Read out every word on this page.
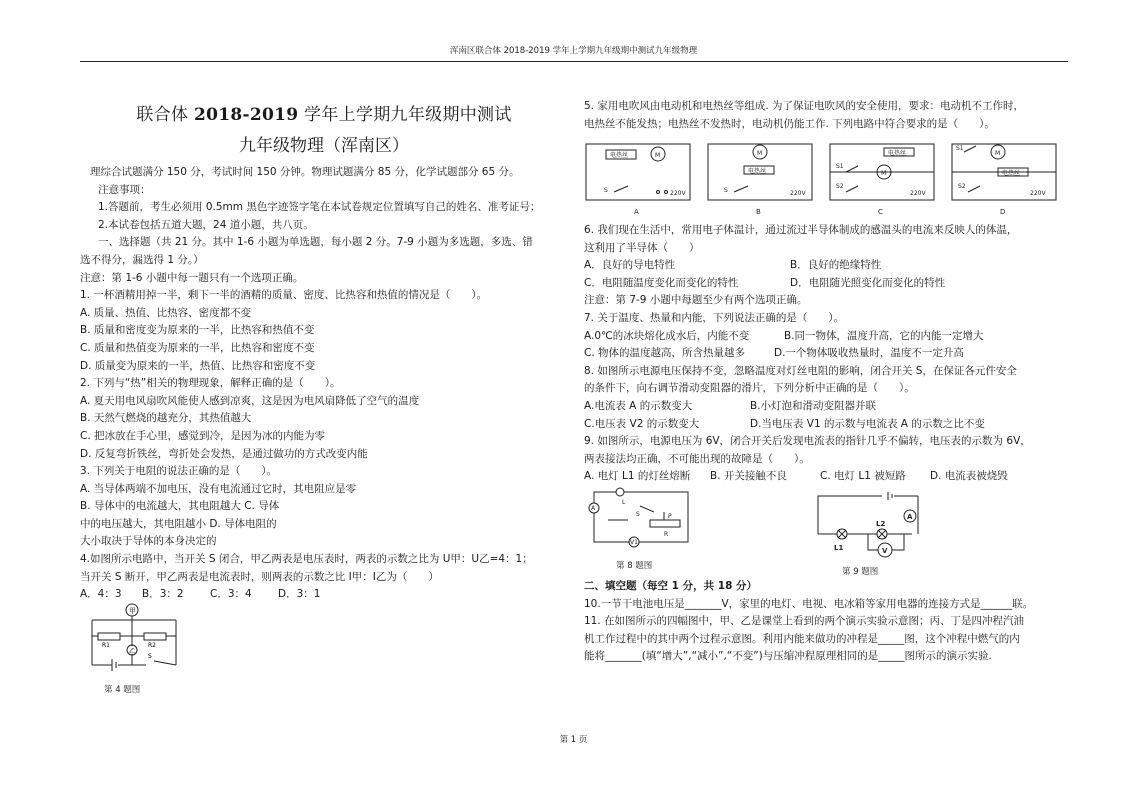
浑南区联合体 2018-2019 学年上学期九年级期中测试九年级物理
联合体 2018-2019 学年上学期九年级期中测试
九年级物理（浑南区）

理综合试题满分 150 分，考试时间 150 分钟。物理试题满分 85 分，化学试题部分 65 分。

注意事项：

1.答题前，考生必须用 0.5mm 黑色字迹签字笔在本试卷规定位置填写自己的姓名、准考证号；

2.本试卷包括五道大题，24 道小题，共八页。

一、选择题（共 21 分。其中 1-6 小题为单选题，每小题 2 分。7-9 小题为多选题，多选、错

选不得分，漏选得 1 分。）

注意：第 1-6 小题中每一题只有一个选项正确。

1. 一杯酒精用掉一半，剩下一半的酒精的质量、密度、比热容和热值的情况是（　　）。

A. 质量、热值、比热容、密度都不变

B. 质量和密度变为原来的一半，比热容和热值不变

C. 质量和热值变为原来的一半，比热容和密度不变

D. 质量变为原来的一半，热值、比热容和密度不变

2. 下列与“热”相关的物理现象，解释正确的是（　　）。

A. 夏天用电风扇吹风能使人感到凉爽，这是因为电风扇降低了空气的温度

B. 天然气燃烧的越充分，其热值越大

C. 把冰放在手心里，感觉到冷，是因为冰的内能为零

D. 反复弯折铁丝，弯折处会发热，是通过做功的方式改变内能

3. 下列关于电阻的说法正确的是（　　）。

A. 当导体两端不加电压，没有电流通过它时，其电阻应是零

B. 导体中的电流越大，其电阻越大 C. 导体

中的电压越大，其电阻越小 D. 导体电阻的

大小取决于导体的本身决定的

4.如图所示电路中，当开关 S 闭合，甲乙两表是电压表时，两表的示数之比为 U甲：U乙=4：1；

当开关 S 断开，甲乙两表是电流表时，则两表的示数之比 I甲：I乙为（　　）

A．4：3 B．3：2	C．3：4	D．3：1

甲
乙
R1	R2
S
第 4 题图

5. 家用电吹风由电动机和电热丝等组成. 为了保证电吹风的安全使用，要求：电动机不工作时，

电热丝不能发热；电热丝不发热时，电动机仍能工作. 下列电路中符合要求的是（　　）。

电热丝	M
S	220V
M
电热丝
S	220V
电热丝
M
S1
S2
220V
M
电热丝
S1
S2
220V
A	B	C	D

6. 我们现在生活中，常用电子体温计，通过流过半导体制成的感温头的电流来反映人的体温，

这利用了半导体（　　）

A．良好的导电特性	B．良好的绝缘特性

C．电阻随温度变化而变化的特性	D．电阻随光照变化而变化的特性

注意：第 7-9 小题中每题至少有两个选项正确。

7. 关于温度、热量和内能，下列说法正确的是（　　）。

A.0℃的冰块熔化成水后，内能不变	B.同一物体，温度升高，它的内能一定增大

C. 物体的温度越高，所含热量越多	D.一个物体吸收热量时，温度不一定升高

8. 如图所示电源电压保持不变，忽略温度对灯丝电阻的影响，闭合开关 S，在保证各元件安全

的条件下，向右调节滑动变阻器的滑片，下列分析中正确的是（　　）。

A.电流表 A 的示数变大	B.小灯泡和滑动变阻器并联

C.电压表 V2 的示数变大	D.当电压表 V1 的示数与电流表 A 的示数之比不变

9. 如图所示，电源电压为 6V，闭合开关后发现电流表的指针几乎不偏转，电压表的示数为 6V，

两表接法均正确，不可能出现的故障是（　　）。

A. 电灯 L1 的灯丝熔断 B. 开关接触不良	C. 电灯 L1 被短路 D. 电流表被烧毁

A
V1
L
S	P
R
第 8 题图
L1
L2
A
V
第 9 题图

二、填空题（每空 1 分，共 18 分）

10.一节干电池电压是_______V，家里的电灯、电视、电冰箱等家用电器的连接方式是______联。

11. 在如图所示的四幅图中，甲、乙是课堂上看到的两个演示实验示意图；丙、丁是四冲程汽油

机工作过程中的其中两个过程示意图。利用内能来做功的冲程是_____图，这个冲程中燃气的内

能将_______(填“增大”,“减小”,“不变”)与压缩冲程原理相同的是_____图所示的演示实验.

第 1 页
